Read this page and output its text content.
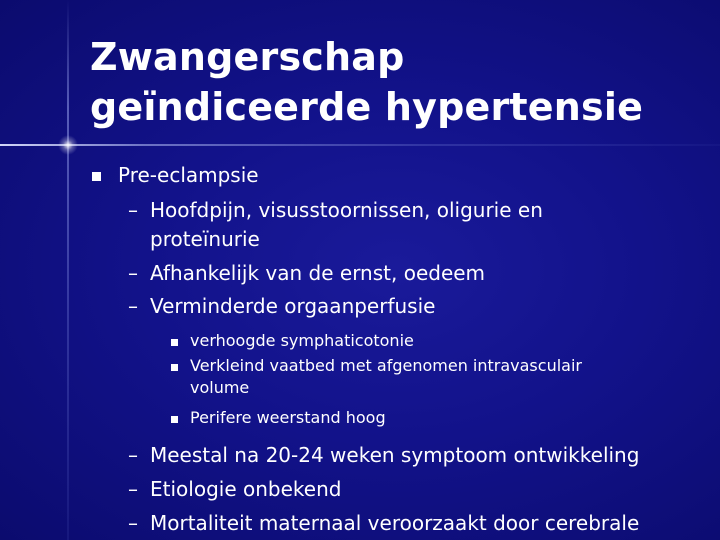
Zwangerschap
geïndiceerde hypertensie
Pre-eclampsie
– Hoofdpijn, visusstoornissen, oligurie en
proteïnurie
– Afhankelijk van de ernst, oedeem
– Verminderde orgaanperfusie
verhoogde symphaticotonie
Verkleind vaatbed met afgenomen intravasculair
volume
Perifere weerstand hoog
– Meestal na 20-24 weken symptoom ontwikkeling
– Etiologie onbekend
– Mortaliteit maternaal veroorzaakt door cerebrale
